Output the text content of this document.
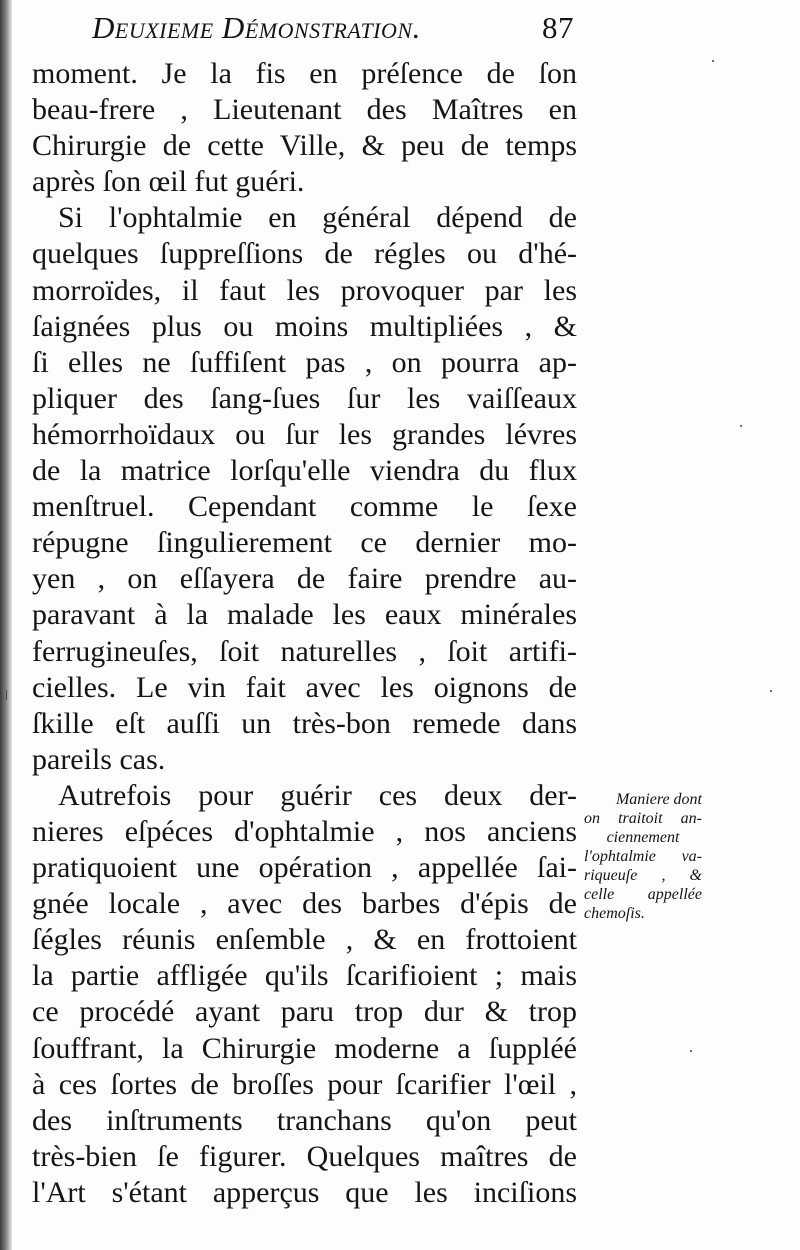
Deuxieme Démonstration.	87
moment. Je la fis en préſence de ſon
beau-frere , Lieutenant des Maîtres en
Chirurgie de cette Ville, & peu de temps
après ſon œil fut guéri.
Si l'ophtalmie en général dépend de
quelques ſuppreſſions de régles ou d'hé-
morroïdes, il faut les provoquer par les
ſaignées plus ou moins multipliées , &
ſi elles ne ſuffiſent pas , on pourra ap-
pliquer des ſang-ſues ſur les vaiſſeaux
hémorrhoïdaux ou ſur les grandes lévres
de la matrice lorſqu'elle viendra du flux
menſtruel. Cependant comme le ſexe
répugne ſingulierement ce dernier mo-
yen , on eſſayera de faire prendre au-
paravant à la malade les eaux minérales
ferrugineuſes, ſoit naturelles , ſoit artifi-
cielles. Le vin fait avec les oignons de
ſkille eſt auſſi un très-bon remede dans
pareils cas.
Autrefois pour guérir ces deux der-
nieres eſpéces d'ophtalmie , nos anciens
pratiquoient une opération , appellée ſai-
gnée locale , avec des barbes d'épis de
ſégles réunis enſemble , & en frottoient
la partie affligée qu'ils ſcarifioient ; mais
ce procédé ayant paru trop dur & trop
ſouffrant, la Chirurgie moderne a ſuppléé
à ces ſortes de broſſes pour ſcarifier l'œil ,
des inſtruments tranchans qu'on peut
très-bien ſe figurer. Quelques maîtres de
l'Art s'étant apperçus que les inciſions
Maniere dont
on traitoit an-
ciennement
l'ophtalmie va-
riqueuſe , &
celle appellée
chemoſis.
